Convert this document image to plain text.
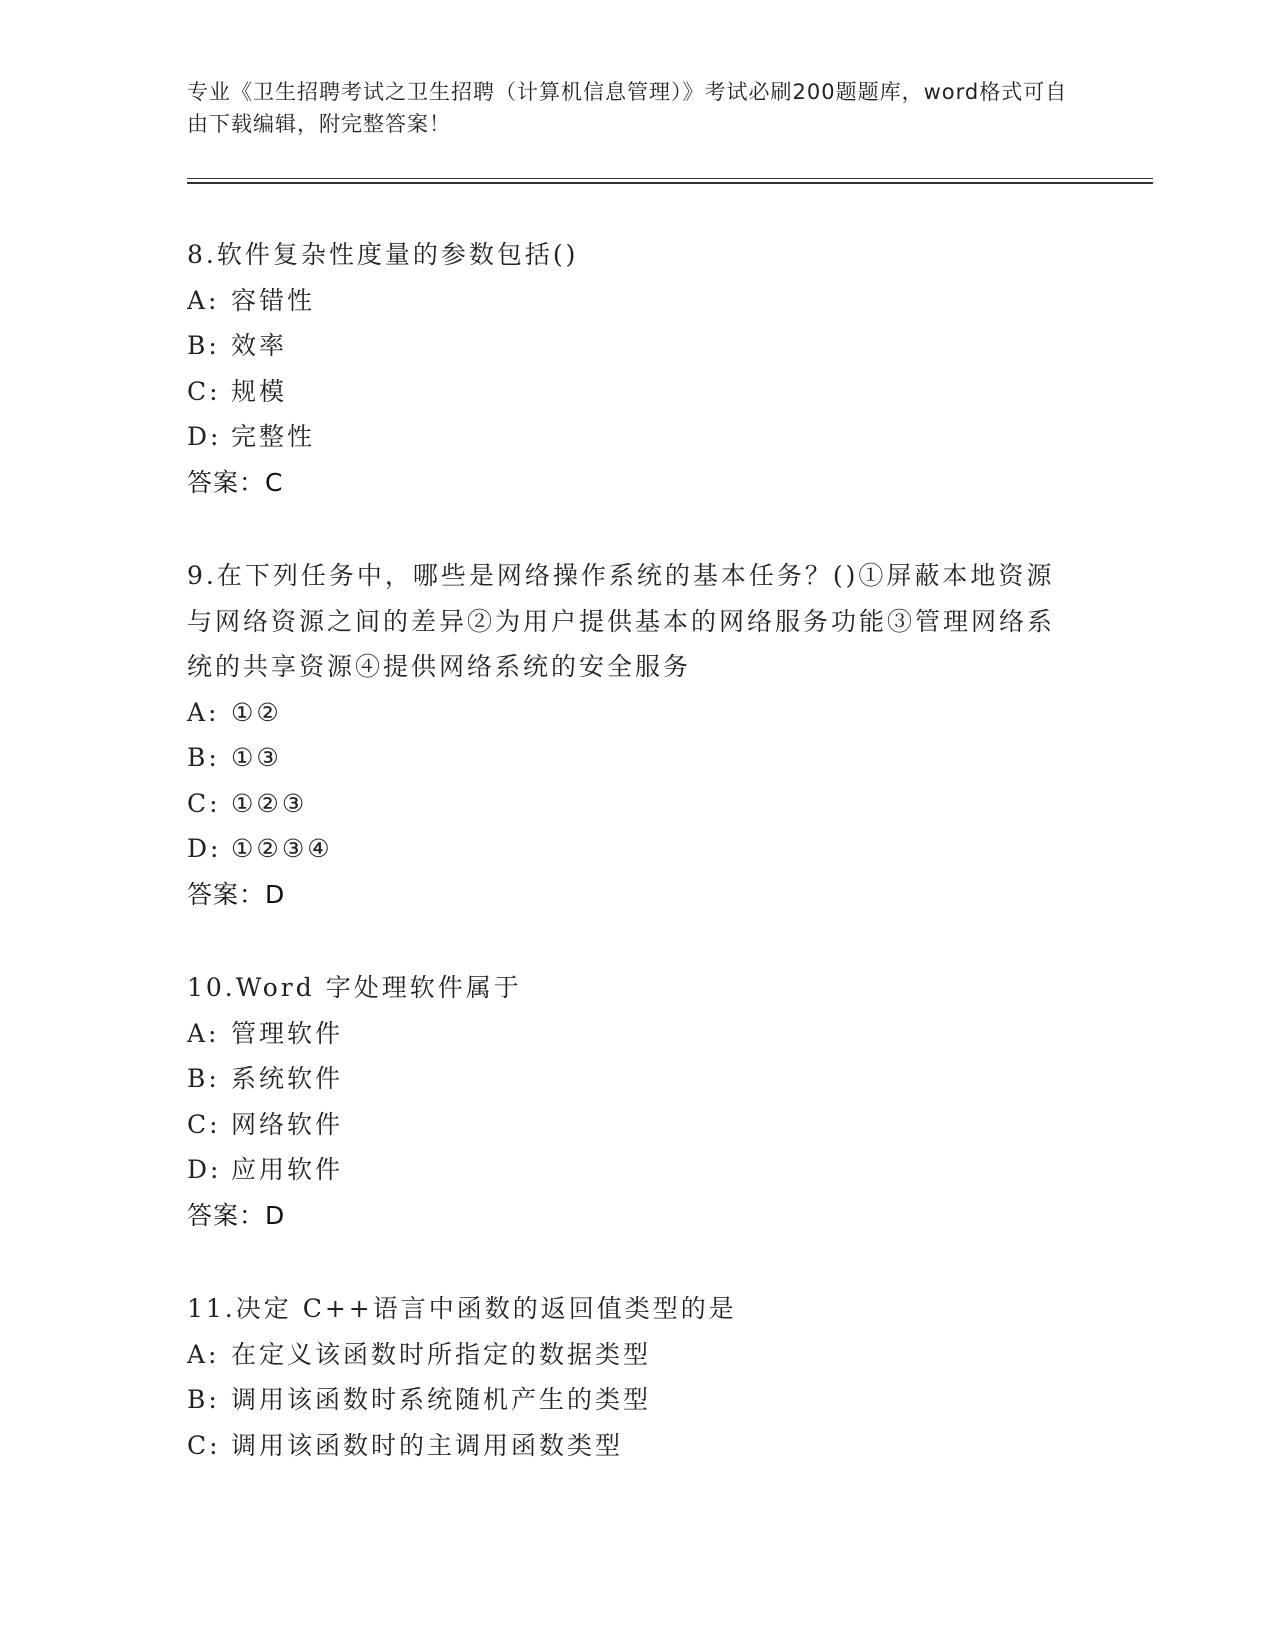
专业《卫生招聘考试之卫生招聘（计算机信息管理）》考试必刷200题题库，word格式可自由下载编辑，附完整答案！
8.软件复杂性度量的参数包括()
A: 容错性
B: 效率
C: 规模
D: 完整性
答案：C
9.在下列任务中，哪些是网络操作系统的基本任务？()①屏蔽本地资源与网络资源之间的差异②为用户提供基本的网络服务功能③管理网络系统的共享资源④提供网络系统的安全服务
A: ①②
B: ①③
C: ①②③
D: ①②③④
答案：D
10.Word 字处理软件属于
A: 管理软件
B: 系统软件
C: 网络软件
D: 应用软件
答案：D
11.决定 C++语言中函数的返回值类型的是
A: 在定义该函数时所指定的数据类型
B: 调用该函数时系统随机产生的类型
C: 调用该函数时的主调用函数类型
